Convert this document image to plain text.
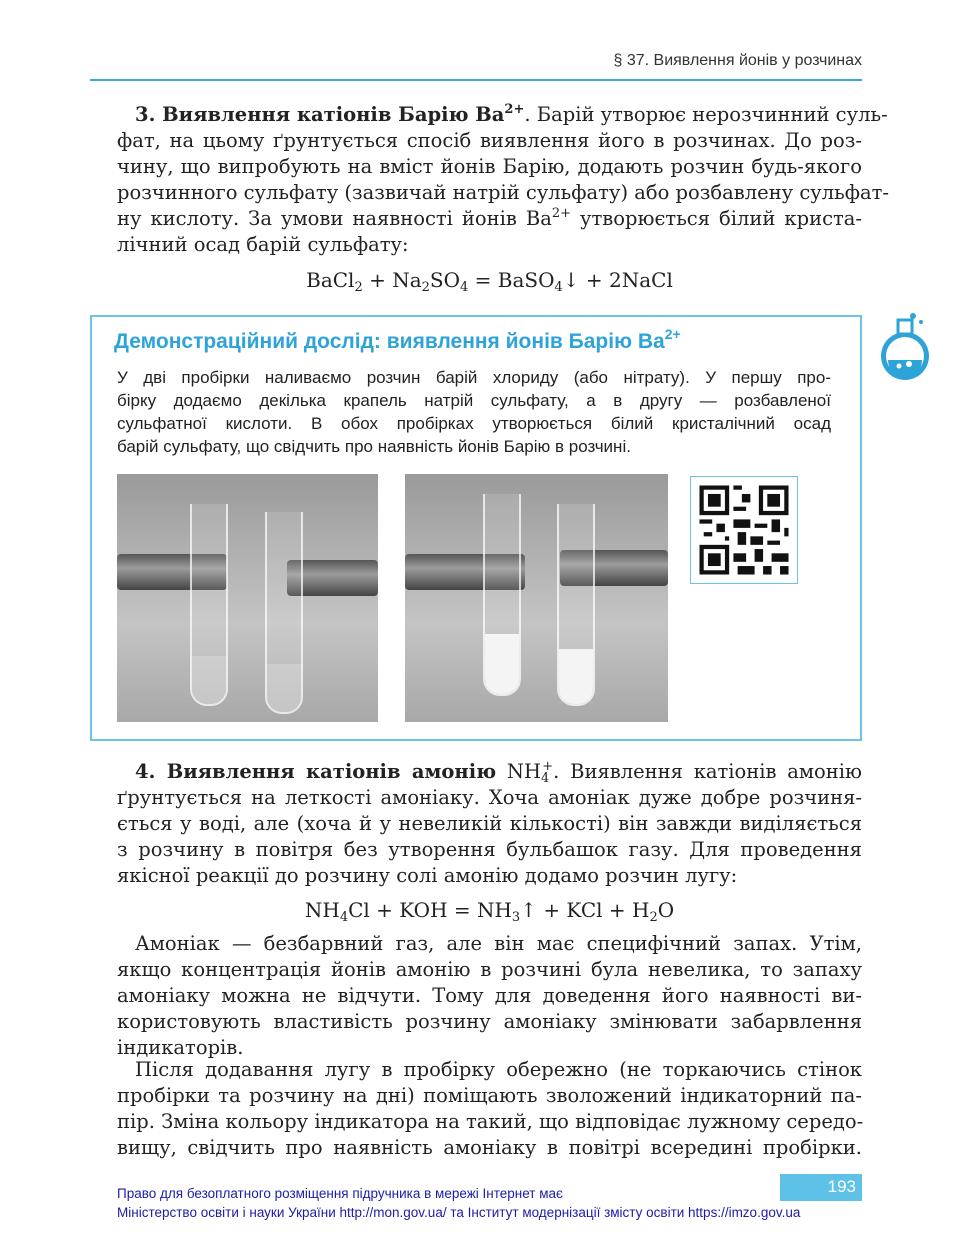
§ 37. Виявлення йонів у розчинах
3. Виявлення катіонів Барію $Ba^{2+}$. Барій утворює нерозчинний суль-
фат, на цьому ґрунтується спосіб виявлення його в розчинах. До роз-
чину, що випробують на вміст йонів Барію, додають розчин будь-якого
розчинного сульфату (зазвичай натрій сульфату) або розбавлену сульфат-
ну кислоту. За умови наявності йонів $Ba^{2+}$ утворюється білий криста-
лічний осад барій сульфату:
BaCl$_2$ + $Na_2SO_4$ = BaSO$_4$↓ + 2NaCl
Демонстраційний дослід: виявлення йонів Барію $Ba^{2+}$
У дві пробірки наливаємо розчин барій хлориду (або нітрату). У першу про-
бірку додаємо декілька крапель натрій сульфату, а в другу — розбавленої
сульфатної кислоти. В обох пробірках утворюється білий кристалічний осад
барій сульфату, що свідчить про наявність йонів Барію в розчині.
4. Виявлення катіонів амонію $NH_4^+$. Виявлення катіонів амонію
ґрунтується на леткості амоніаку. Хоча амоніак дуже добре розчиня-
ється у воді, але (хоча й у невеликій кількості) він завжди виділяється
з розчину в повітря без утворення бульбашок газу. Для проведення
якісної реакції до розчину солі амонію додамо розчин лугу:
$NH_4Cl$ + KOH = $NH_3↑$ + KCl + $H_2O$
Амоніак — безбарвний газ, але він має специфічний запах. Утім,
якщо концентрація йонів амонію в розчині була невелика, то запаху
амоніаку можна не відчути. Тому для доведення його наявності ви-
користовують властивість розчину амоніаку змінювати забарвлення
індикаторів.
Після додавання лугу в пробірку обережно (не торкаючись стінок
пробірки та розчину на дні) поміщають зволожений індикаторний па-
пір. Зміна кольору індикатора на такий, що відповідає лужному середо-
вищу, свідчить про наявність амоніаку в повітрі всередині пробірки.
193
Право для безоплатного розміщення підручника в мережі Інтернет має
Міністерство освіти і науки України http://mon.gov.ua/ та Інститут модернізації змісту освіти https://imzo.gov.ua
